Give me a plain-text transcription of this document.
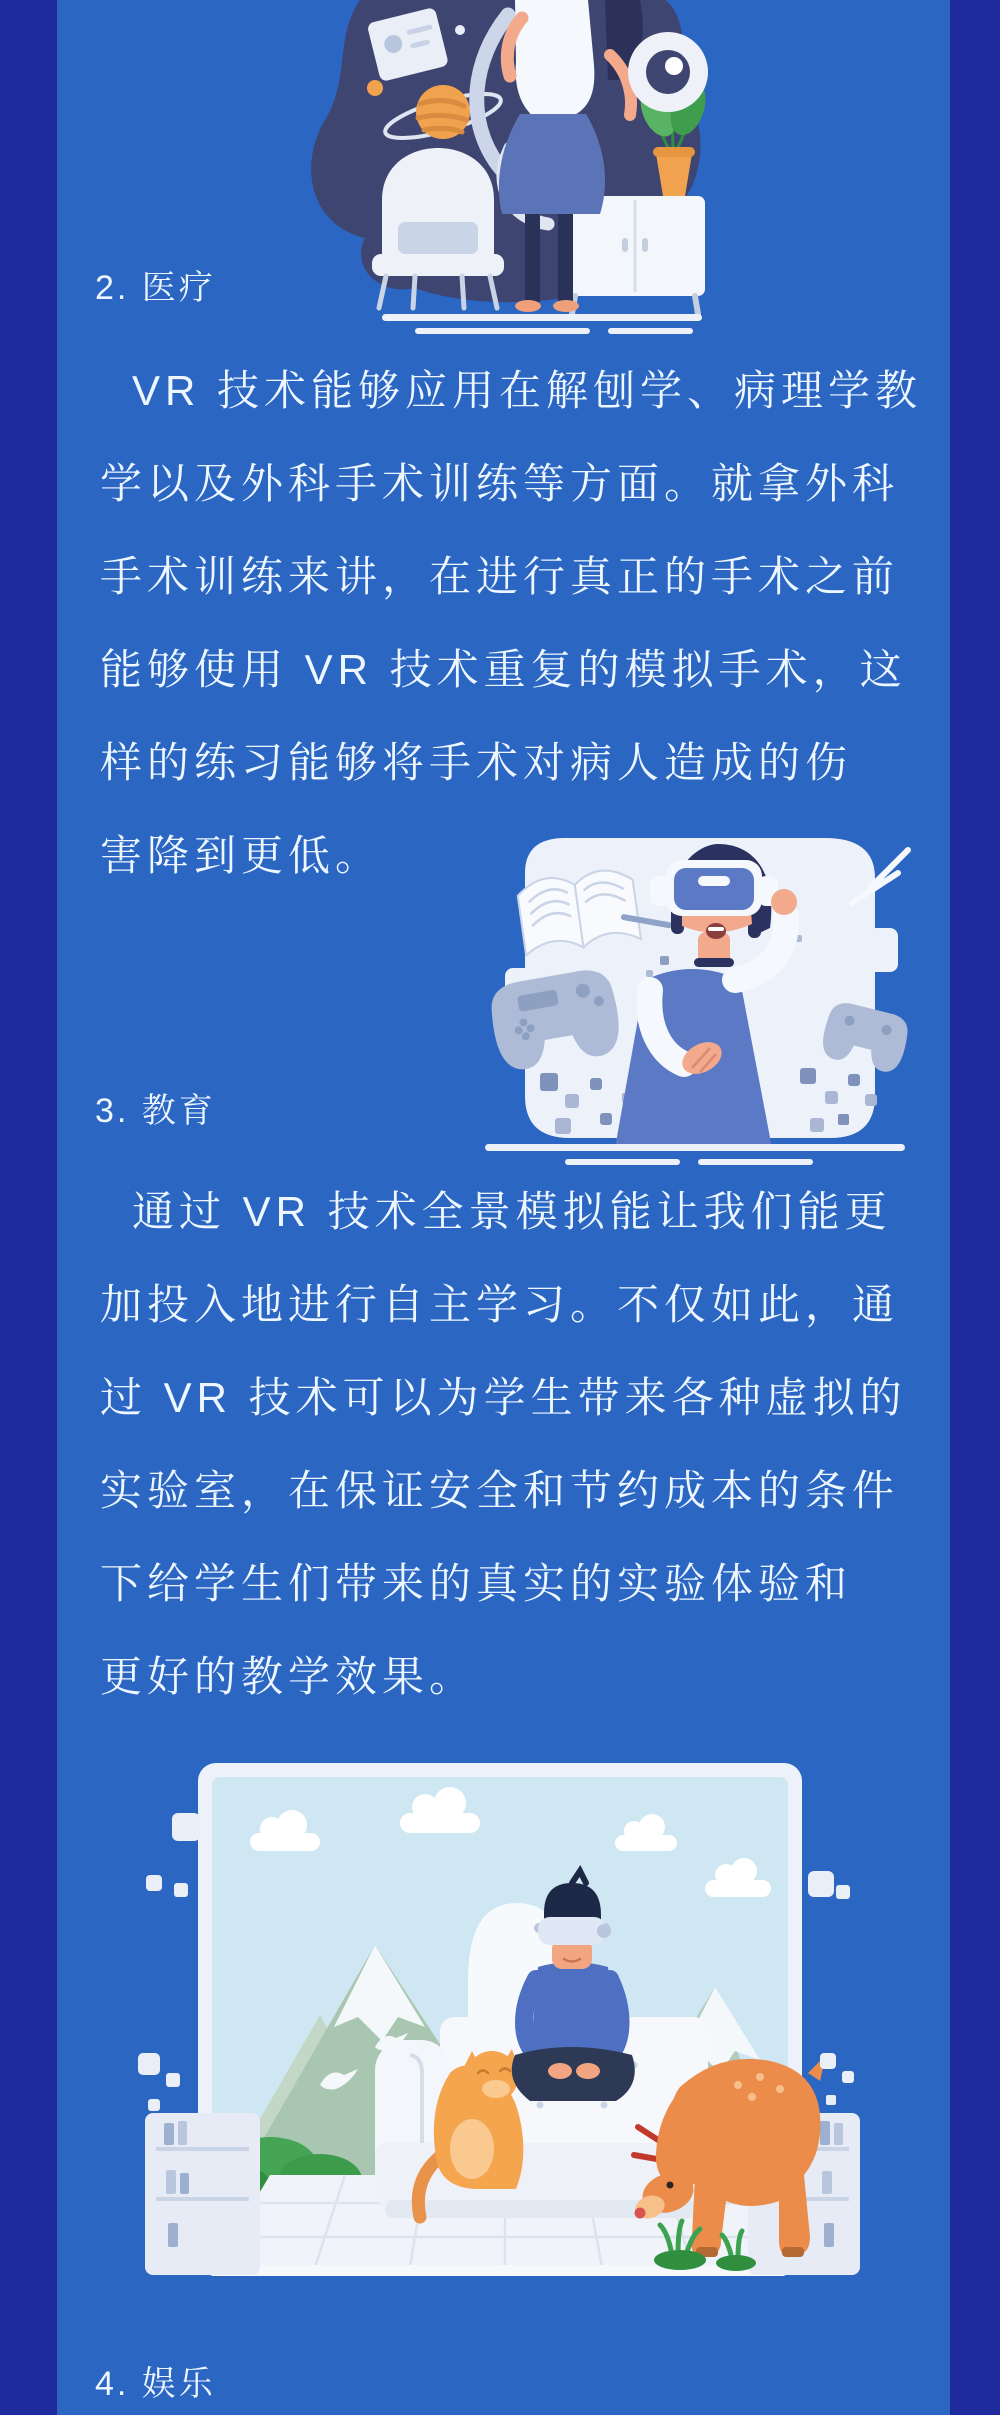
2. 医疗
VR 技术能够应用在解刨学、病理学教
学以及外科手术训练等方面。就拿外科
手术训练来讲，在进行真正的手术之前
能够使用 VR 技术重复的模拟手术，这
样的练习能够将手术对病人造成的伤
害降到更低。
3. 教育
通过 VR 技术全景模拟能让我们能更
加投入地进行自主学习。不仅如此，通
过 VR 技术可以为学生带来各种虚拟的
实验室，在保证安全和节约成本的条件
下给学生们带来的真实的实验体验和
更好的教学效果。
4. 娱乐
